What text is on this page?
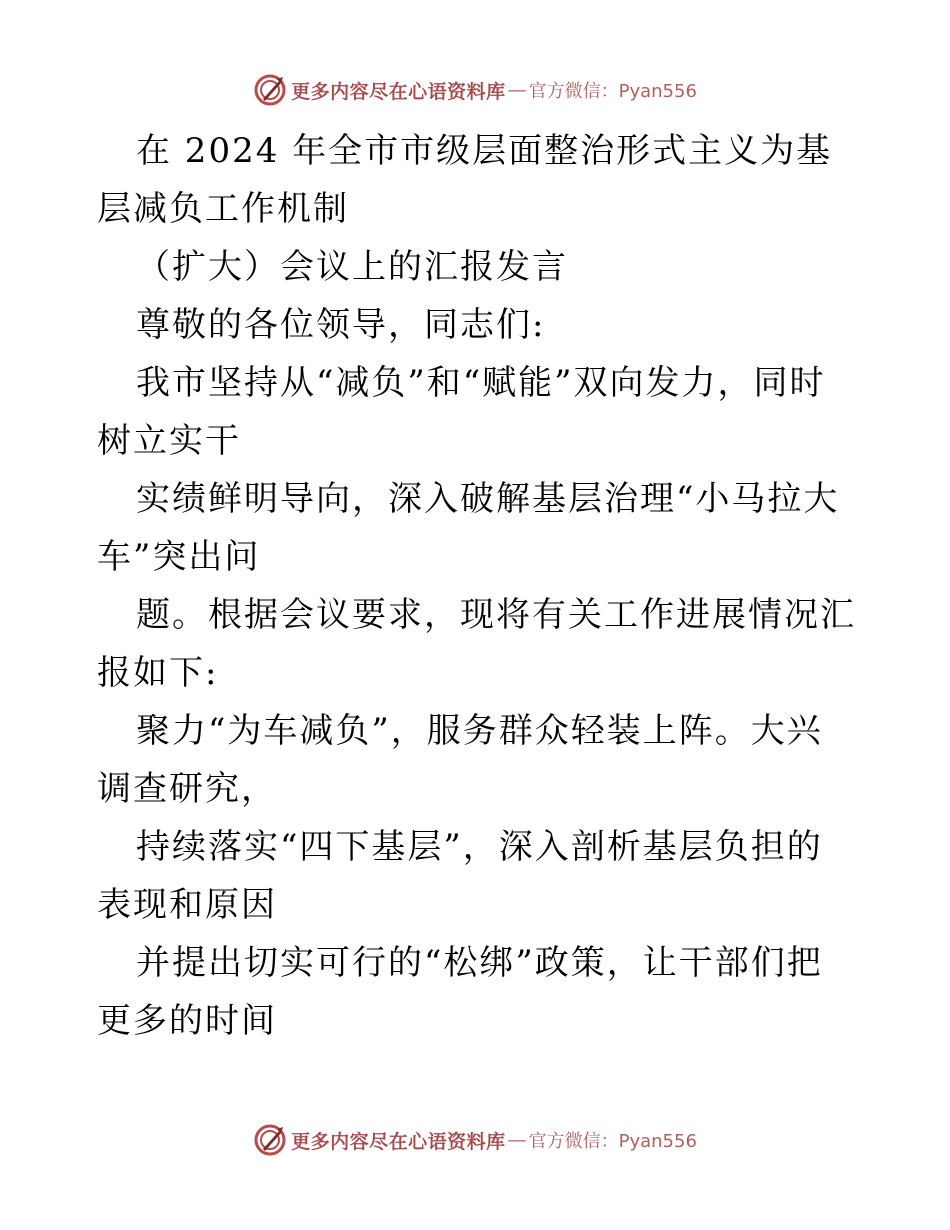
更多内容尽在心语资料库 — 官方微信：Pyan556

在 2024 年全市市级层面整治形式主义为基层减负工作机制

（扩大）会议上的汇报发言

尊敬的各位领导，同志们:

我市坚持从“减负”和“赋能”双向发力，同时树立实干

实绩鲜明导向，深入破解基层治理“小马拉大车”突出问

题。根据会议要求，现将有关工作进展情况汇报如下:

聚力“为车减负”，服务群众轻装上阵。大兴调查研究，

持续落实“四下基层”，深入剖析基层负担的表现和原因

并提出切实可行的“松绑”政策，让干部们把更多的时间

更多内容尽在心语资料库 — 官方微信：Pyan556
